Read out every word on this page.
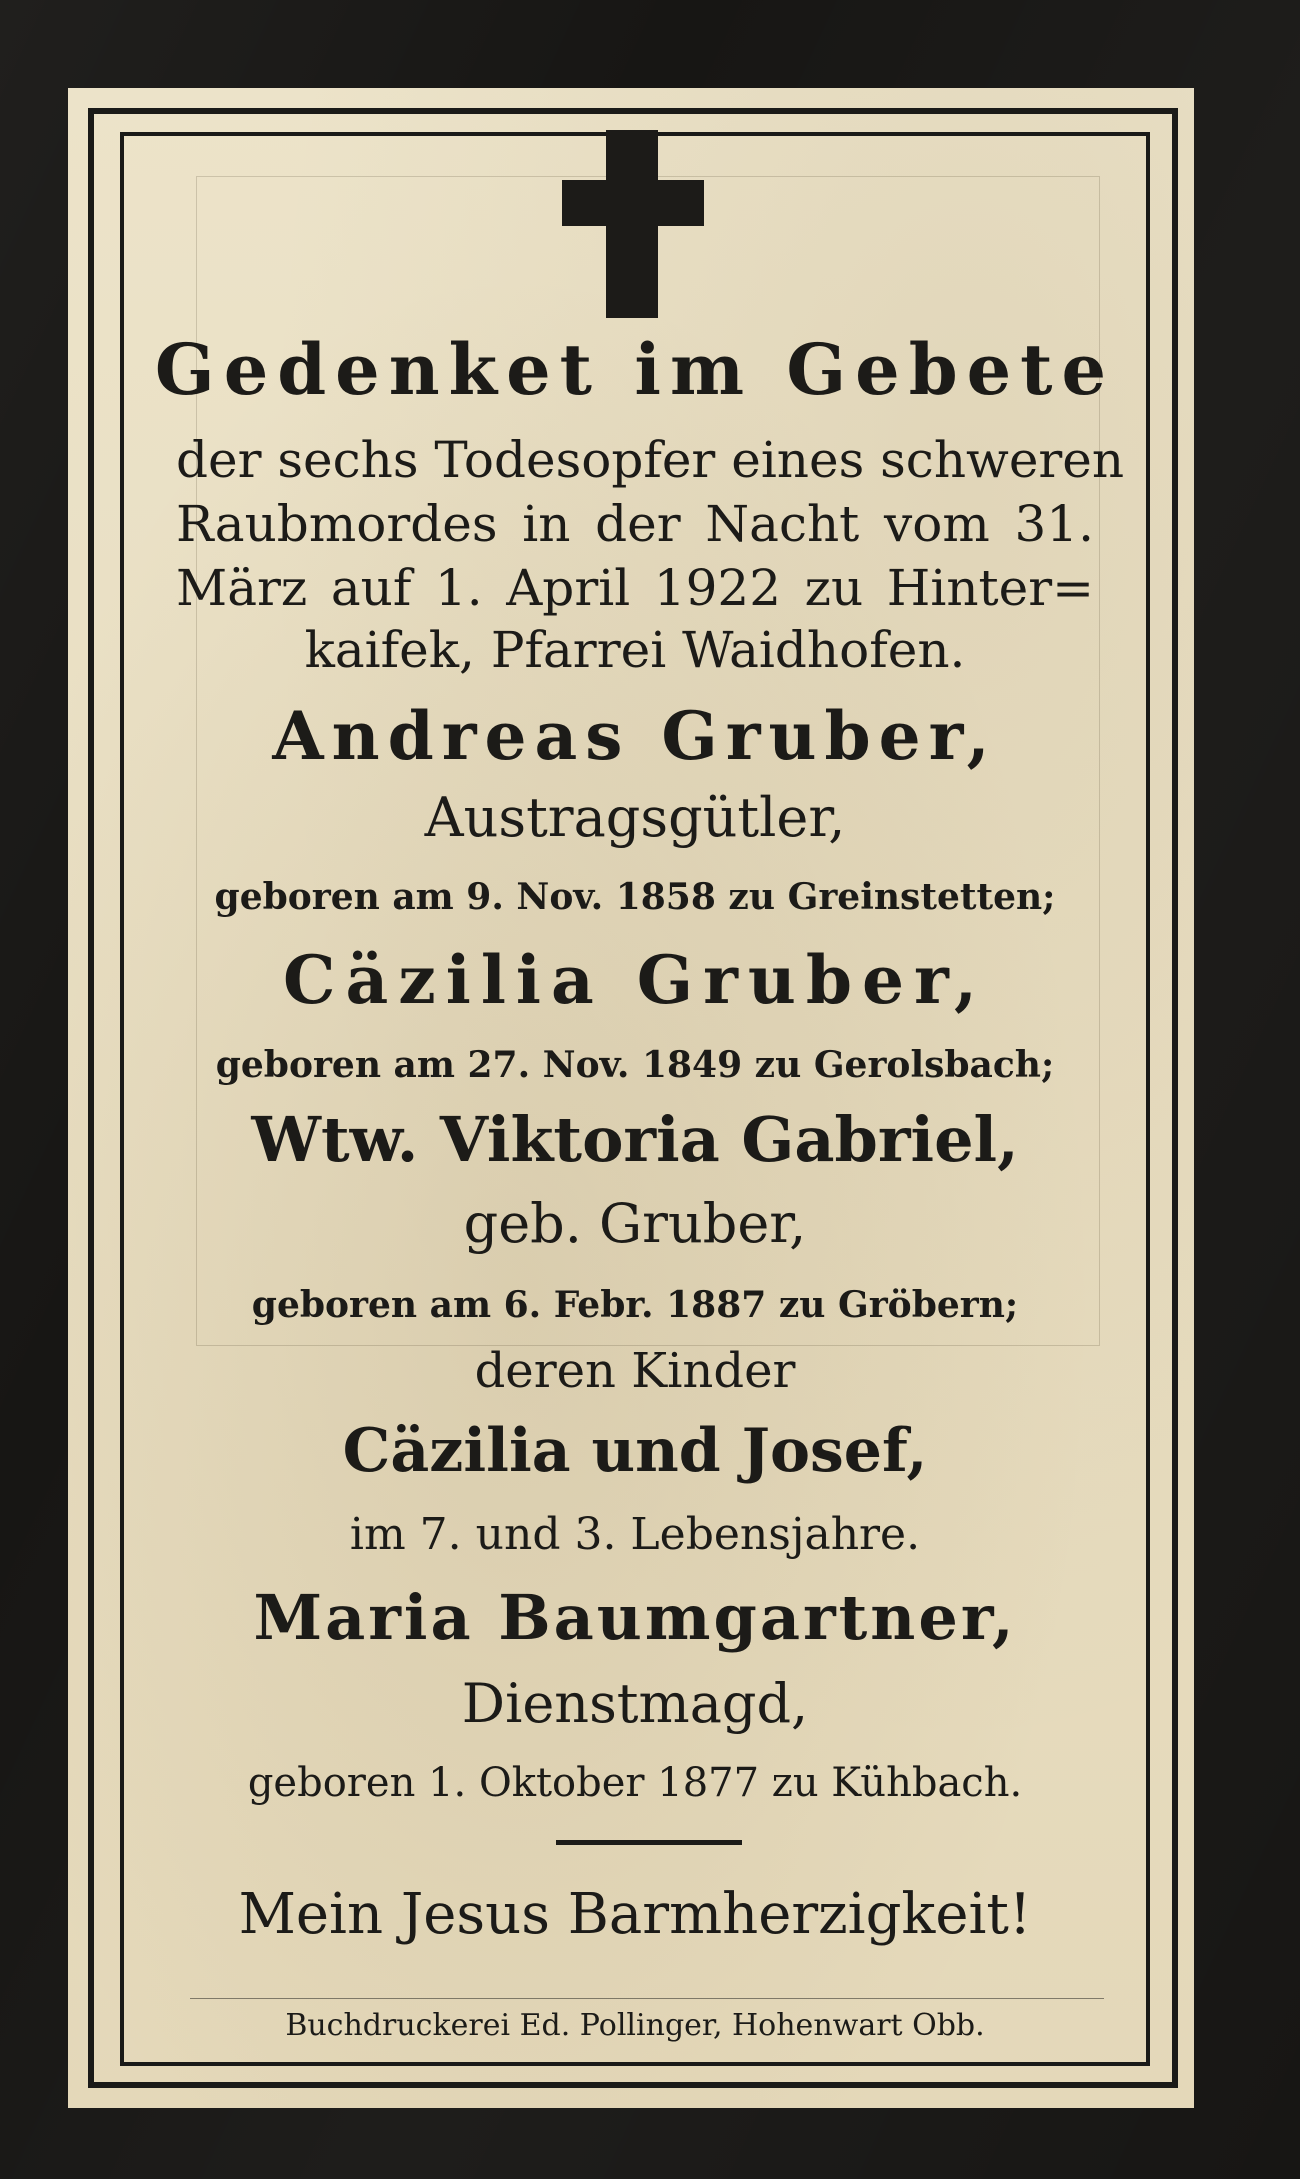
Gedenket im Gebete
der sechs Todesopfer eines schweren
Raubmordes in der Nacht vom 31.
März auf 1. April 1922 zu Hinter=
kaifek, Pfarrei Waidhofen.
Andreas Gruber,
Austragsgütler,
geboren am 9. Nov. 1858 zu Greinstetten;
Cäzilia Gruber,
geboren am 27. Nov. 1849 zu Gerolsbach;
Wtw. Viktoria Gabriel,
geb. Gruber,
geboren am 6. Febr. 1887 zu Gröbern;
deren Kinder
Cäzilia und Josef,
im 7. und 3. Lebensjahre.
Maria Baumgartner,
Dienstmagd,
geboren 1. Oktober 1877 zu Kühbach.
Mein Jesus Barmherzigkeit!
Buchdruckerei Ed. Pollinger, Hohenwart Obb.
